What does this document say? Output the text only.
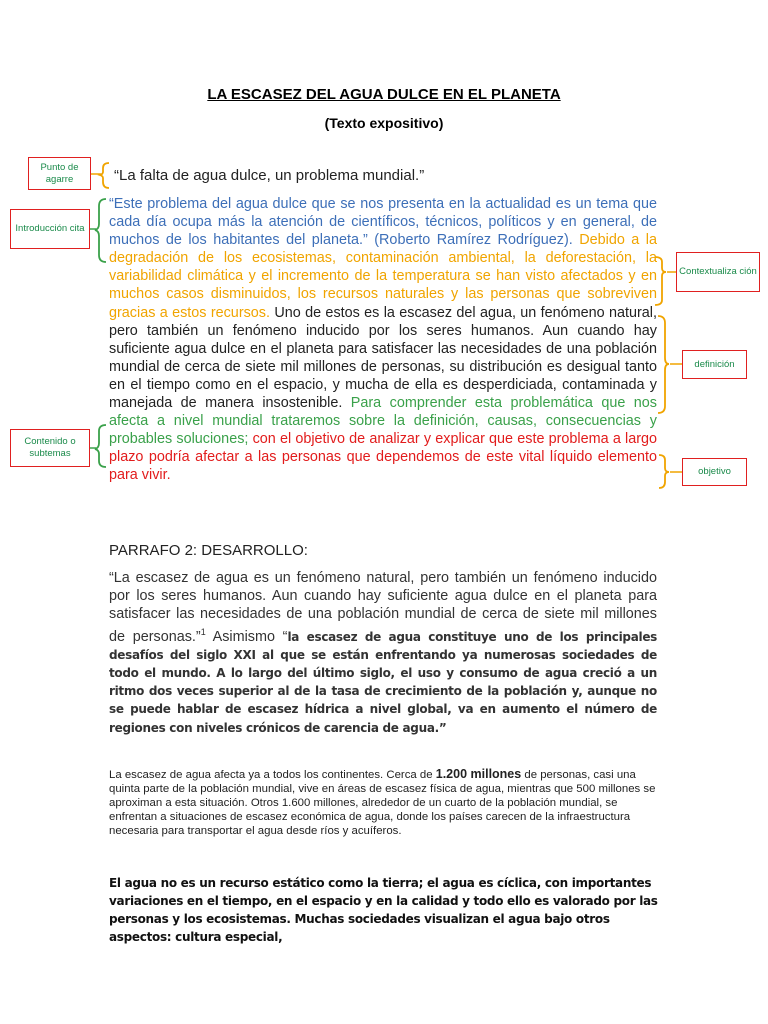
LA ESCASEZ DEL AGUA DULCE EN EL PLANETA
(Texto expositivo)
Punto de agarre
Introducción cita
Contextualiza ción
definición
Contenido o subtemas
objetivo
“La falta de agua dulce, un problema mundial.”
“Este problema del agua dulce que se nos presenta en la actualidad es un tema que cada día ocupa más la atención de científicos, técnicos, políticos y en general, de muchos de los habitantes del planeta.” (Roberto Ramírez Rodríguez). Debido a la degradación de los ecosistemas, contaminación ambiental, la deforestación, la variabilidad climática y el incremento de la temperatura se han visto afectados y en muchos casos disminuidos, los recursos naturales y las personas que sobreviven gracias a estos recursos. Uno de estos es la escasez del agua, un fenómeno natural, pero también un fenómeno inducido por los seres humanos. Aun cuando hay suficiente agua dulce en el planeta para satisfacer las necesidades de una población mundial de cerca de siete mil millones de personas, su distribución es desigual tanto en el tiempo como en el espacio, y mucha de ella es desperdiciada, contaminada y manejada de manera insostenible. Para comprender esta problemática que nos afecta a nivel mundial trataremos sobre la definición, causas, consecuencias y probables soluciones; con el objetivo de analizar y explicar que este problema a largo plazo podría afectar a las personas que dependemos de este vital líquido elemento para vivir.
PARRAFO 2: DESARROLLO:
“La escasez de agua es un fenómeno natural, pero también un fenómeno inducido por los seres humanos. Aun cuando hay suficiente agua dulce en el planeta para satisfacer las necesidades de una población mundial de cerca de siete mil millones de personas.”$^1$ Asimismo “la escasez de agua constituye uno de los principales desafíos del siglo XXI al que se están enfrentando ya numerosas sociedades de todo el mundo. A lo largo del último siglo, el uso y consumo de agua creció a un ritmo dos veces superior al de la tasa de crecimiento de la población y, aunque no se puede hablar de escasez hídrica a nivel global, va en aumento el número de regiones con niveles crónicos de carencia de agua.”
La escasez de agua afecta ya a todos los continentes. Cerca de 1.200 millones de personas, casi una quinta parte de la población mundial, vive en áreas de escasez física de agua, mientras que 500 millones se aproximan a esta situación. Otros 1.600 millones, alrededor de un cuarto de la población mundial, se enfrentan a situaciones de escasez económica de agua, donde los países carecen de la infraestructura necesaria para transportar el agua desde ríos y acuíferos.
El agua no es un recurso estático como la tierra; el agua es cíclica, con importantes variaciones en el tiempo, en el espacio y en la calidad y todo ello es valorado por las personas y los ecosistemas. Muchas sociedades visualizan el agua bajo otros aspectos: cultura especial,
